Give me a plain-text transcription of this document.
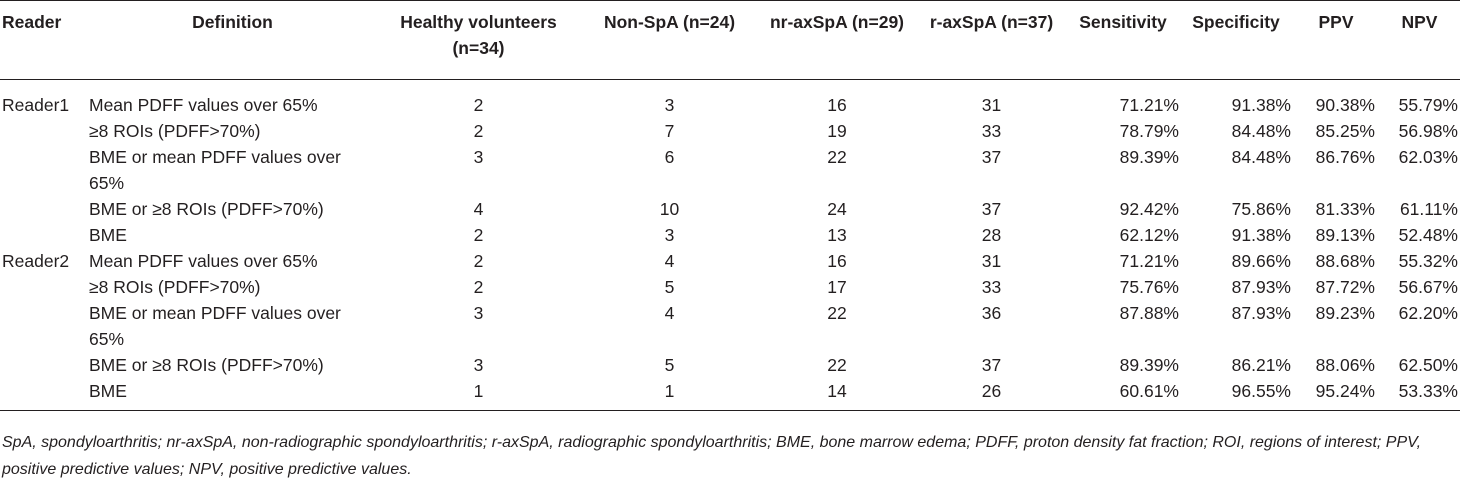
Reader	Definition	Healthy volunteers (n=34)	Non-SpA (n=24)	nr-axSpA (n=29)	r-axSpA (n=37)	Sensitivity	Specificity	PPV	NPV
Reader1	Mean PDFF values over 65%	2	3	16	31	71.21%	91.38%	90.38%	55.79%
	≥8 ROIs (PDFF>70%)	2	7	19	33	78.79%	84.48%	85.25%	56.98%
	BME or mean PDFF values over 65%	3	6	22	37	89.39%	84.48%	86.76%	62.03%
	BME or ≥8 ROIs (PDFF>70%)	4	10	24	37	92.42%	75.86%	81.33%	61.11%
	BME	2	3	13	28	62.12%	91.38%	89.13%	52.48%
Reader2	Mean PDFF values over 65%	2	4	16	31	71.21%	89.66%	88.68%	55.32%
	≥8 ROIs (PDFF>70%)	2	5	17	33	75.76%	87.93%	87.72%	56.67%
	BME or mean PDFF values over 65%	3	4	22	36	87.88%	87.93%	89.23%	62.20%
	BME or ≥8 ROIs (PDFF>70%)	3	5	22	37	89.39%	86.21%	88.06%	62.50%
	BME	1	1	14	26	60.61%	96.55%	95.24%	53.33%
SpA, spondyloarthritis; nr-axSpA, non-radiographic spondyloarthritis; r-axSpA, radiographic spondyloarthritis; BME, bone marrow edema; PDFF, proton density fat fraction; ROI, regions of interest; PPV, positive predictive values; NPV, positive predictive values.
